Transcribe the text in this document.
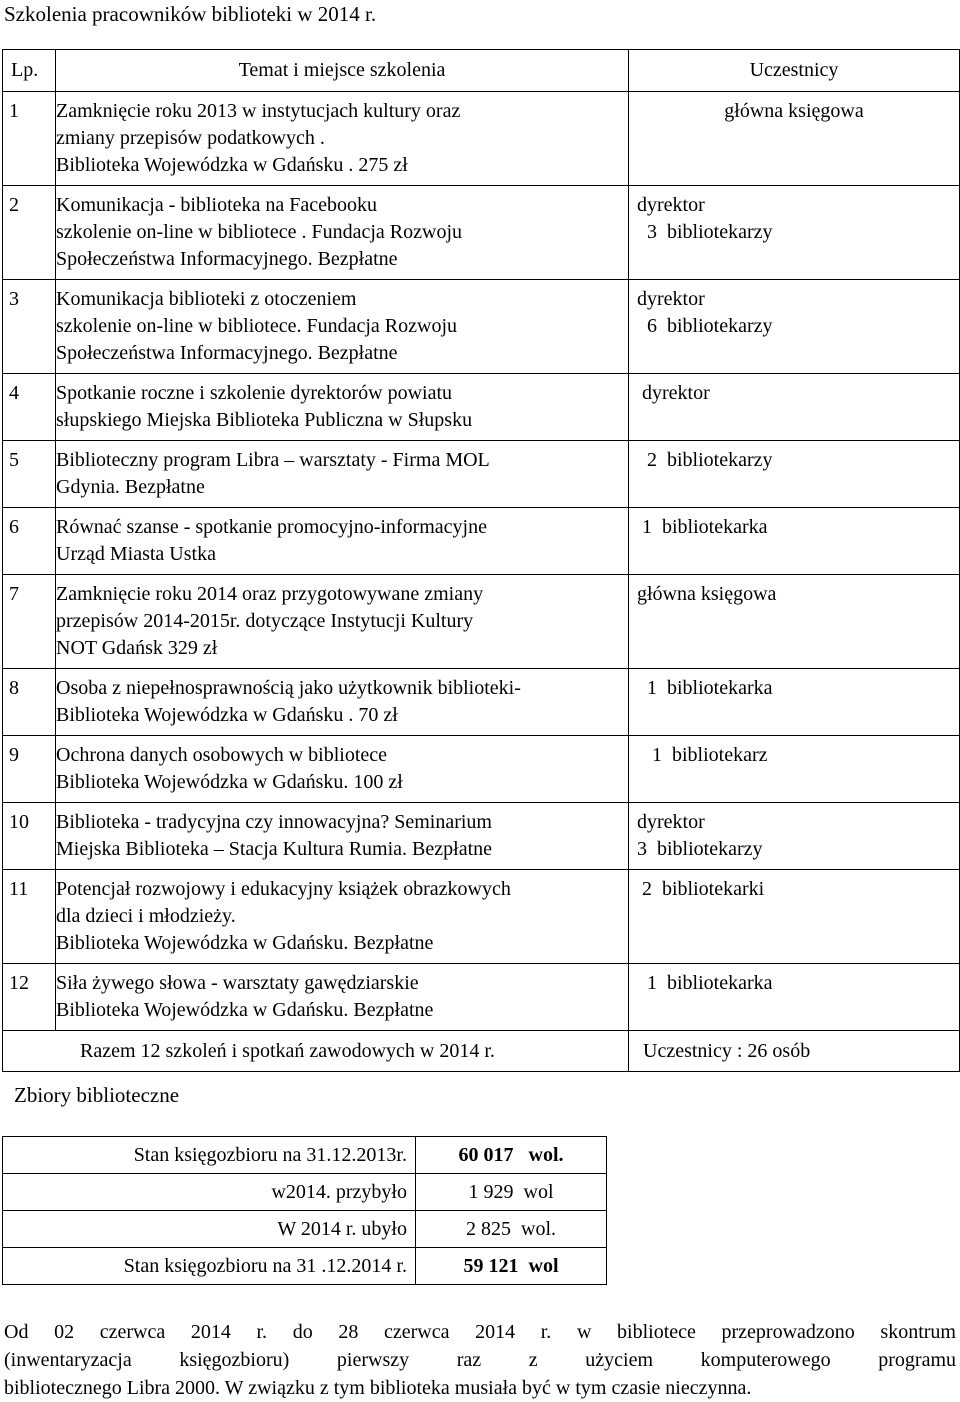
Szkolenia pracowników biblioteki w 2014 r.
Lp.	Temat i miejsce szkolenia	Uczestnicy
1	Zamknięcie roku 2013 w instytucjach kultury oraz
zmiany przepisów podatkowych .
Biblioteka Wojewódzka w Gdańsku . 275 zł	główna księgowa

2	Komunikacja - biblioteka na Facebooku
szkolenie on-line w bibliotece . Fundacja Rozwoju
Społeczeństwa Informacyjnego. Bezpłatne	dyrektor
3  bibliotekarzy

3	Komunikacja biblioteki z otoczeniem
szkolenie on-line w bibliotece. Fundacja Rozwoju
Społeczeństwa Informacyjnego. Bezpłatne	dyrektor
6  bibliotekarzy

4	Spotkanie roczne i szkolenie dyrektorów powiatu
słupskiego Miejska Biblioteka Publiczna w Słupsku	dyrektor

5	Biblioteczny program Libra – warsztaty - Firma MOL
Gdynia. Bezpłatne	2  bibliotekarzy

6	Równać szanse - spotkanie promocyjno-informacyjne
Urząd Miasta Ustka	1  bibliotekarka

7	Zamknięcie roku 2014 oraz przygotowywane zmiany
przepisów 2014-2015r. dotyczące Instytucji Kultury
NOT Gdańsk 329 zł	główna księgowa

8	Osoba z niepełnosprawnością jako użytkownik biblioteki-
Biblioteka Wojewódzka w Gdańsku . 70 zł	1  bibliotekarka

9	Ochrona danych osobowych w bibliotece
Biblioteka Wojewódzka w Gdańsku. 100 zł	1  bibliotekarz

10	Biblioteka - tradycyjna czy innowacyjna? Seminarium
Miejska Biblioteka – Stacja Kultura Rumia. Bezpłatne	dyrektor
3  bibliotekarzy

11	Potencjał rozwojowy i edukacyjny książek obrazkowych
dla dzieci i młodzieży.
Biblioteka Wojewódzka w Gdańsku. Bezpłatne	2  bibliotekarki

12	Siła żywego słowa - warsztaty gawędziarskie
Biblioteka Wojewódzka w Gdańsku. Bezpłatne	1  bibliotekarka

Razem 12 szkoleń i spotkań zawodowych w 2014 r.		Uczestnicy : 26 osób
Zbiory biblioteczne
Stan księgozbioru na 31.12.2013r.	60 017   wol.
w2014. przybyło	1 929  wol
W 2014 r. ubyło	2 825  wol.
Stan księgozbioru na 31 .12.2014 r.	59 121  wol
Od 02 czerwca 2014 r. do 28 czerwca 2014 r. w bibliotece przeprowadzono skontrum
(inwentaryzacja księgozbioru) pierwszy raz z użyciem komputerowego programu
bibliotecznego Libra 2000. W związku z tym biblioteka musiała być w tym czasie nieczynna.
